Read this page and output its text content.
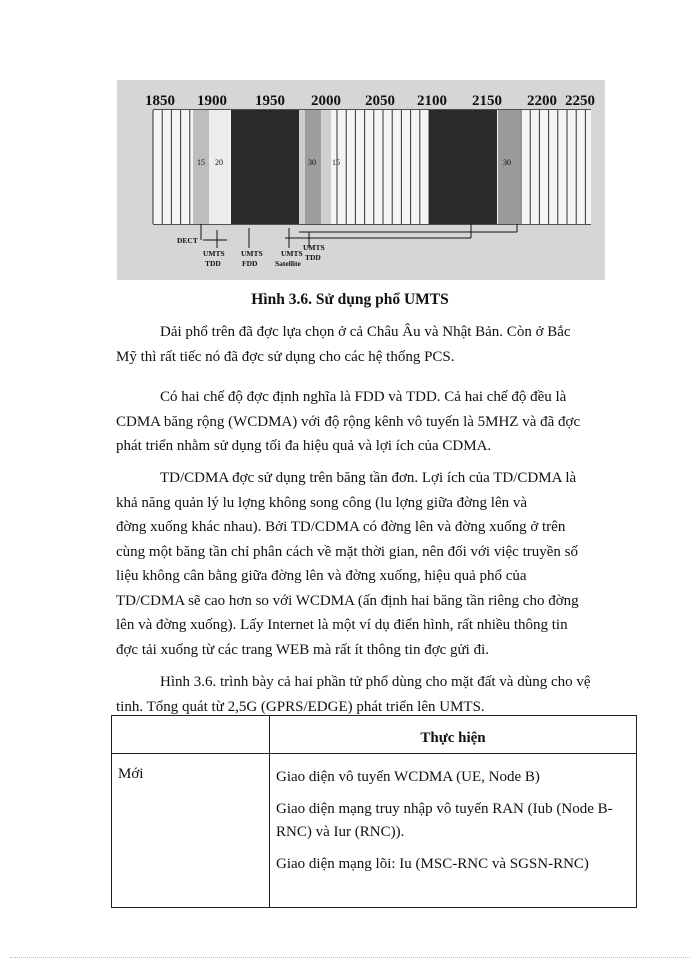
1850 1900 1950 2000 2050 2100 2150 2200 2250
15 20	30 15	30
DECT
UMTS
TDD
UMTS
FDD
UMTS
Satellite
UMTS
TDD
Hình 3.6. Sử dụng phổ UMTS
Dải phổ trên đã đợc lựa chọn ở cả Châu Âu và Nhật Bản. Còn ở Bắc
Mỹ thì rất tiếc nó đã đợc sử dụng cho các hệ thống PCS.
Có hai chế độ đợc định nghĩa là FDD và TDD. Cả hai chế độ đều là
CDMA băng rộng (WCDMA) với độ rộng kênh vô tuyến là 5MHZ và đã đợc
phát triển nhằm sử dụng tối đa hiệu quả và lợi ích của CDMA.
TD/CDMA đợc sử dụng trên băng tần đơn. Lợi ích của TD/CDMA là
khả năng quản lý lu lợng không song công (lu lợng giữa đờng lên và
đờng xuống khác nhau). Bởi TD/CDMA có đờng lên và đờng xuống ở trên
cùng một băng tần chỉ phân cách về mặt thời gian, nên đối với việc truyền số
liệu không cân bằng giữa đờng lên và đờng xuống, hiệu quả phổ của
TD/CDMA sẽ cao hơn so với WCDMA (ấn định hai băng tần riêng cho đờng
lên và đờng xuống). Lấy Internet là một ví dụ điển hình, rất nhiều thông tin
đợc tải xuống từ các trang WEB mà rất ít thông tin đợc gửi đi.
Hình 3.6. trình bày cả hai phần tử phổ dùng cho mặt đất và dùng cho vệ
tinh. Tổng quát từ 2,5G (GPRS/EDGE) phát triển lên UMTS.

	Thực hiện

Mới	Giao diện vô tuyến WCDMA (UE, Node B)

Giao diện mạng truy nhập vô tuyến RAN (Iub (Node B-RNC) và Iur (RNC)).

Giao diện mạng lõi: Iu (MSC-RNC và SGSN-RNC)
